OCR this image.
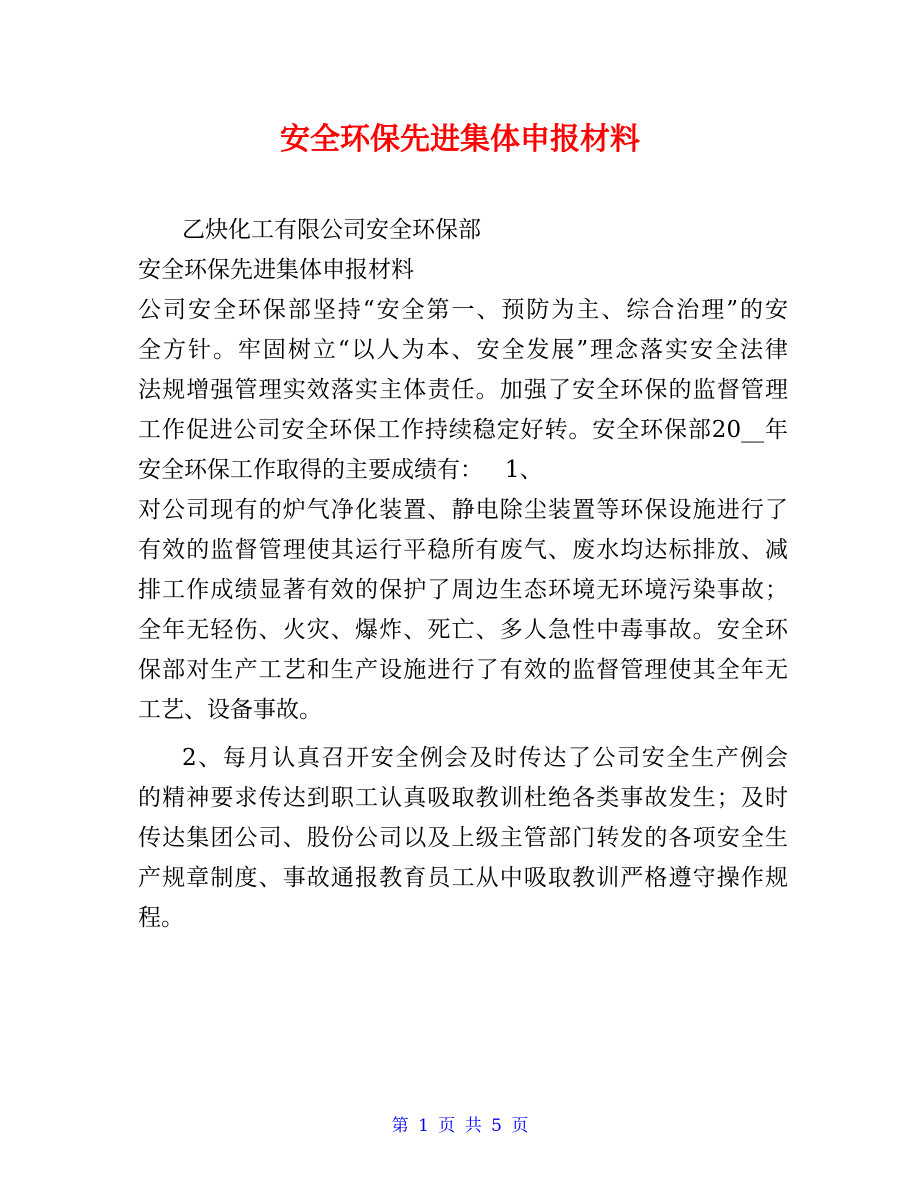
安全环保先进集体申报材料
乙炔化工有限公司安全环保部
安全环保先进集体申报材料
公司安全环保部坚持“安全第一、预防为主、综合治理”的安
全方针。牢固树立“以人为本、安全发展”理念落实安全法律
法规增强管理实效落实主体责任。加强了安全环保的监督管理
工作促进公司安全环保工作持续稳定好转。安全环保部20__年
安全环保工作取得的主要成绩有：   1、
对公司现有的炉气净化装置、静电除尘装置等环保设施进行了
有效的监督管理使其运行平稳所有废气、废水均达标排放、减
排工作成绩显著有效的保护了周边生态环境无环境污染事故；
全年无轻伤、火灾、爆炸、死亡、多人急性中毒事故。安全环
保部对生产工艺和生产设施进行了有效的监督管理使其全年无
工艺、设备事故。
2、每月认真召开安全例会及时传达了公司安全生产例会
的精神要求传达到职工认真吸取教训杜绝各类事故发生；及时
传达集团公司、股份公司以及上级主管部门转发的各项安全生
产规章制度、事故通报教育员工从中吸取教训严格遵守操作规
程。
第 1 页 共 5 页
